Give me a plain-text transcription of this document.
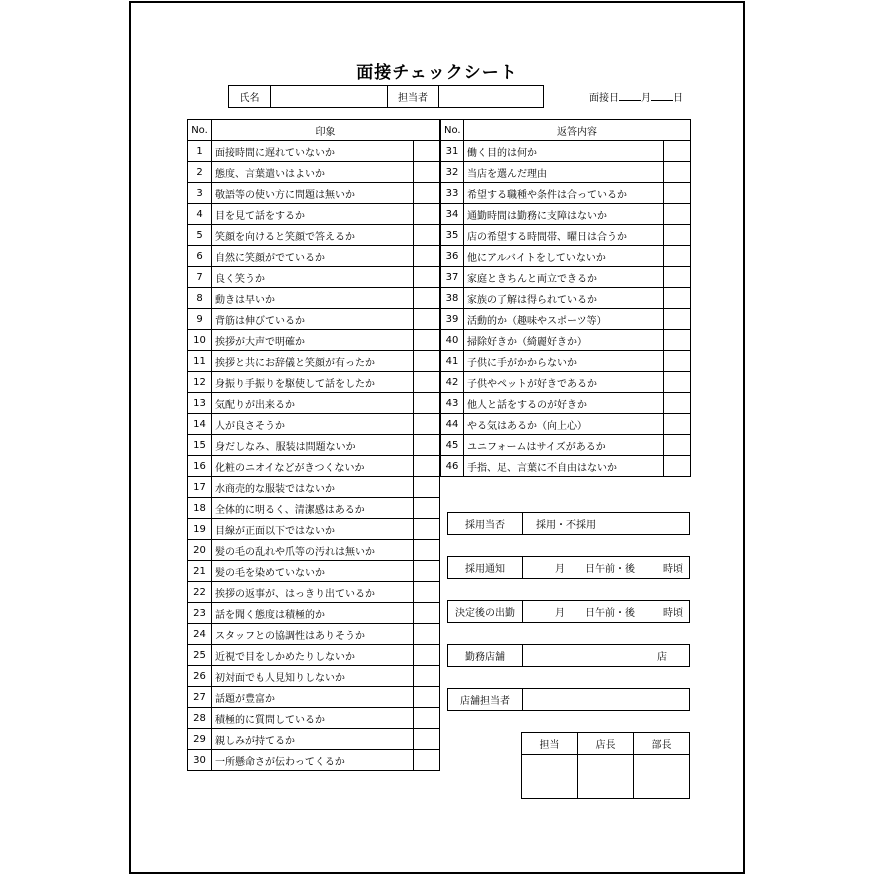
面接チェックシート
氏名	担当者	面接日 月 日
No.	印象	
1	面接時間に遅れていないか	
2	態度、言葉遣いはよいか	
3	敬語等の使い方に問題は無いか	
4	目を見て話をするか	
5	笑顔を向けると笑顔で答えるか	
6	自然に笑顔がでているか	
7	良く笑うか	
8	動きは早いか	
9	背筋は伸びているか	
10	挨拶が大声で明確か	
11	挨拶と共にお辞儀と笑顔が有ったか	
12	身振り手振りを駆使して話をしたか	
13	気配りが出来るか	
14	人が良さそうか	
15	身だしなみ、服装は問題ないか	
16	化粧のニオイなどがきつくないか	
17	水商売的な服装ではないか	
18	全体的に明るく、清潔感はあるか	
19	目線が正面以下ではないか	
20	髪の毛の乱れや爪等の汚れは無いか	
21	髪の毛を染めていないか	
22	挨拶の返事が、はっきり出ているか	
23	話を聞く態度は積極的か	
24	スタッフとの協調性はありそうか	
25	近視で目をしかめたりしないか	
26	初対面でも人見知りしないか	
27	話題が豊富か	
28	積極的に質問しているか	
29	親しみが持てるか	
30	一所懸命さが伝わってくるか	
No.	返答内容	
31	働く目的は何か	
32	当店を選んだ理由	
33	希望する職種や条件は合っているか	
34	通勤時間は勤務に支障はないか	
35	店の希望する時間帯、曜日は合うか	
36	他にアルバイトをしていないか	
37	家庭ときちんと両立できるか	
38	家族の了解は得られているか	
39	活動的か（趣味やスポーツ等）	
40	掃除好きか（綺麗好きか）	
41	子供に手がかからないか	
42	子供やペットが好きであるか	
43	他人と話をするのが好きか	
44	やる気はあるか（向上心）	
45	ユニフォームはサイズがあるか	
46	手指、足、言葉に不自由はないか	
採用当否	採用・不採用
採用通知	月 日午前・後	時頃
決定後の出勤	月 日午前・後	時頃
勤務店舗	店
店舗担当者
担当	店長	部長
